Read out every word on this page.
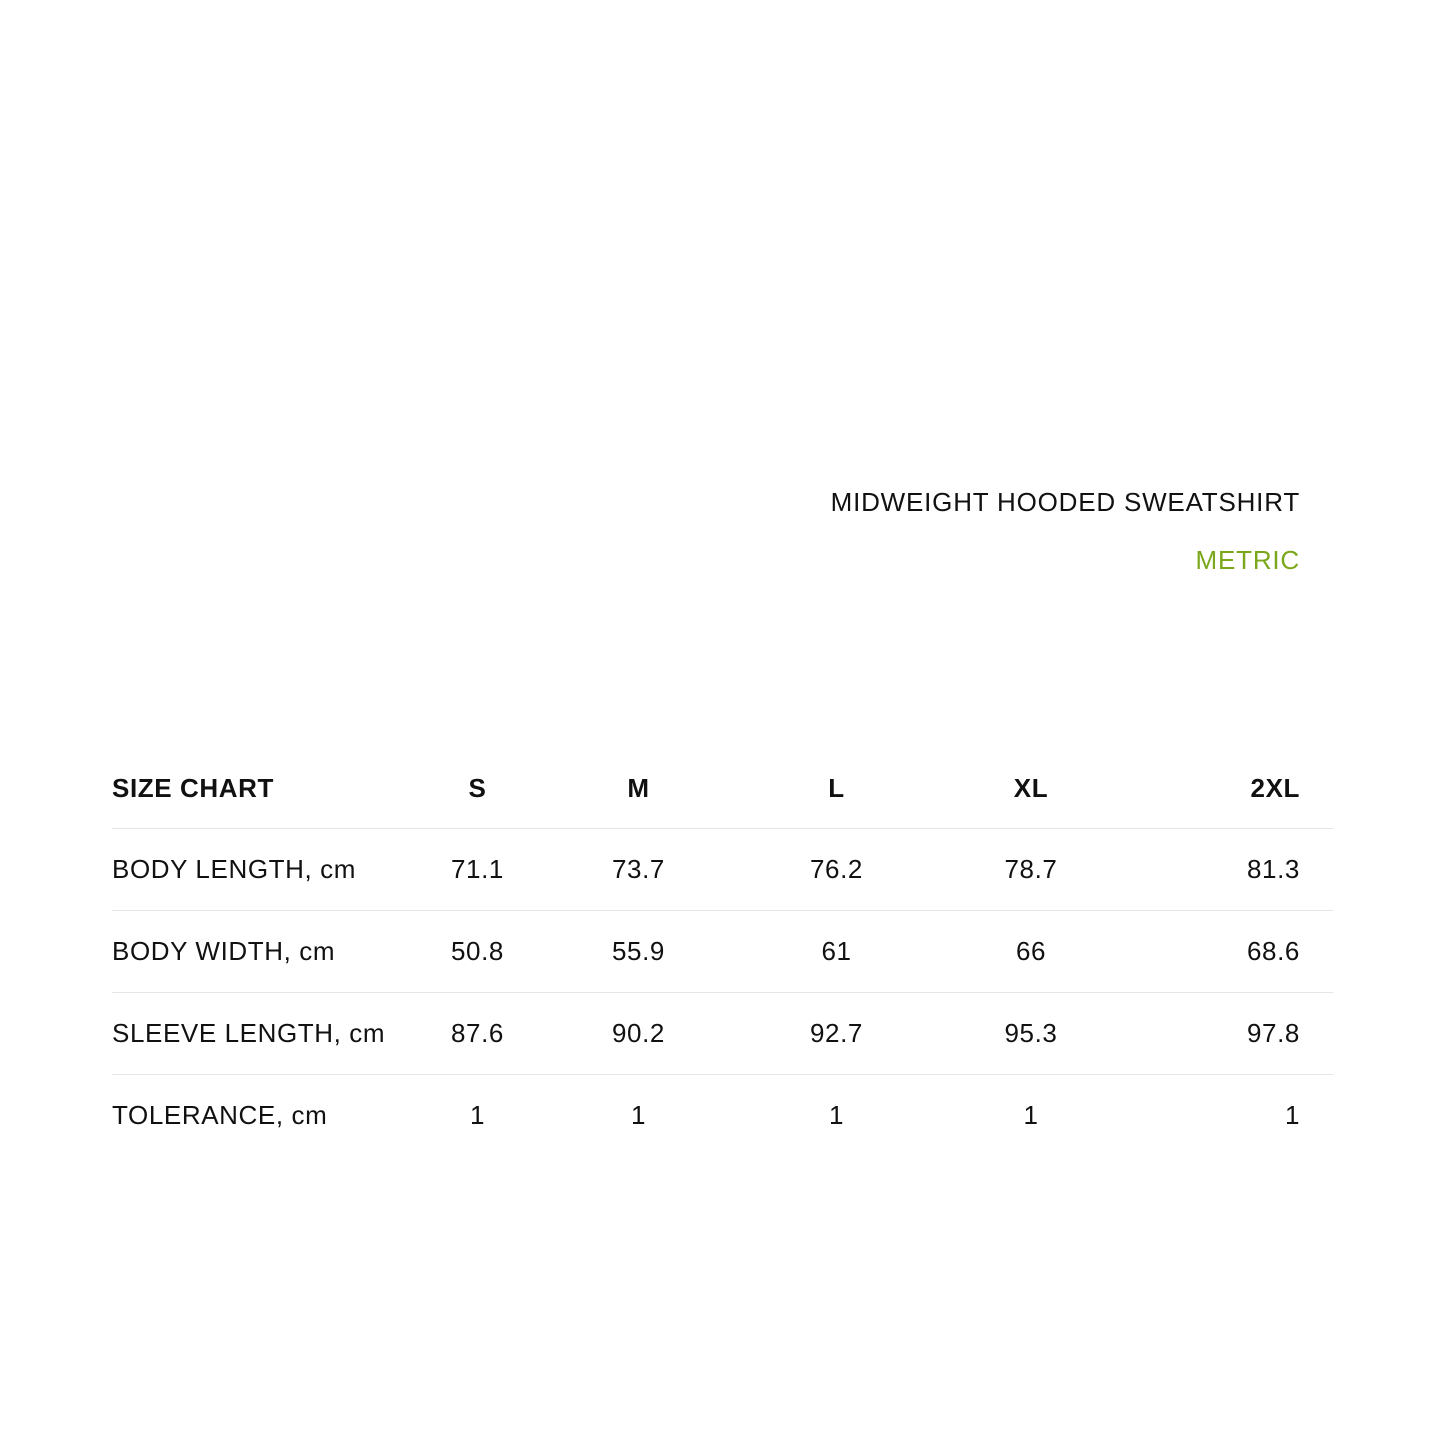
MIDWEIGHT HOODED SWEATSHIRT
METRIC
SIZE CHART	S	M	L	XL	2XL
BODY LENGTH, cm	71.1	73.7	76.2	78.7	81.3
BODY WIDTH, cm	50.8	55.9	61	66	68.6
SLEEVE LENGTH, cm	87.6	90.2	92.7	95.3	97.8
TOLERANCE, cm	1	1	1	1	1
